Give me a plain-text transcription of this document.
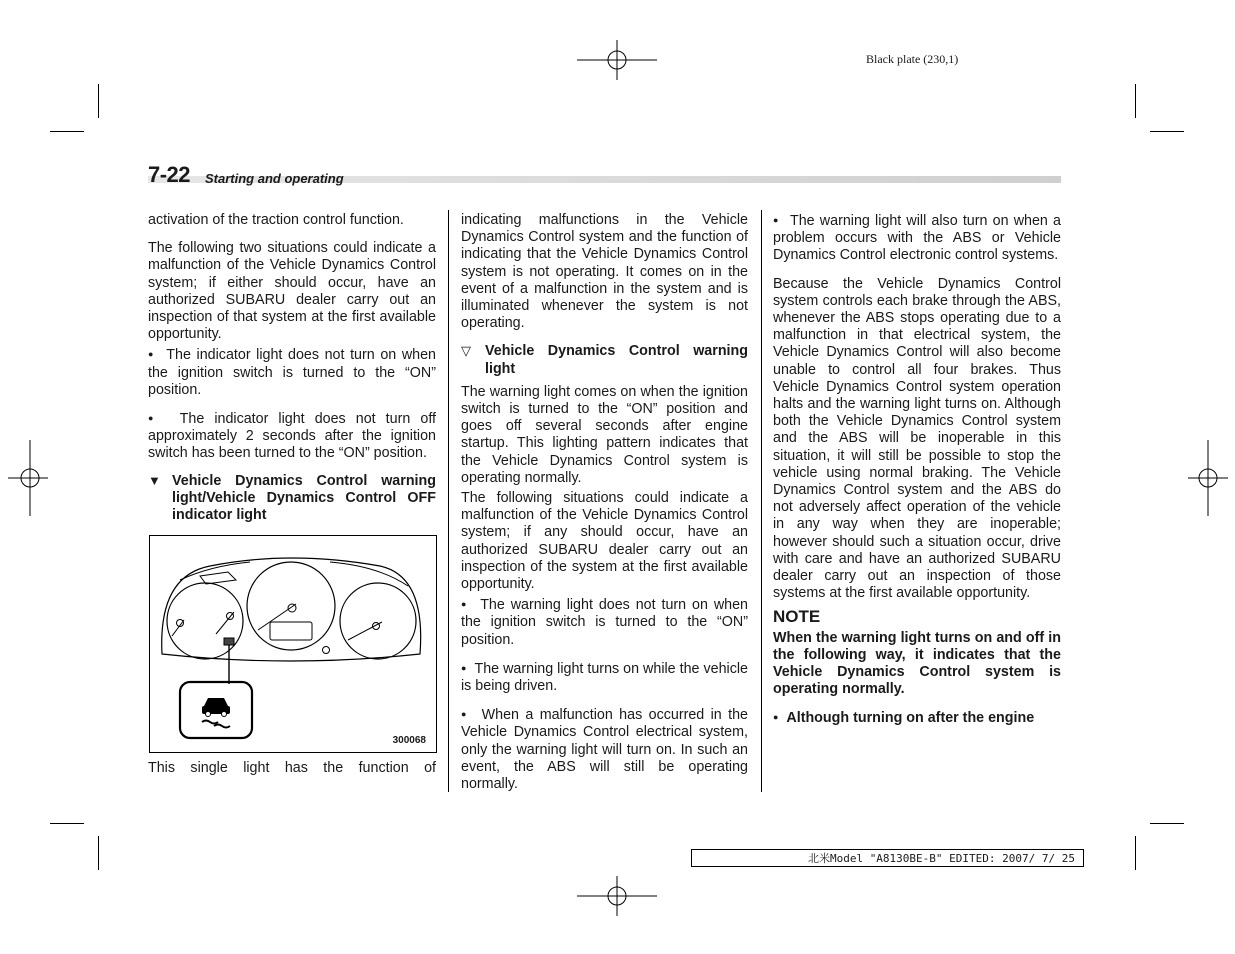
Black plate (230,1)
7-22 Starting and operating

activation of the traction control function.

The following two situations could indicate a malfunction of the Vehicle Dynamics Control system; if either should occur, have an authorized SUBARU dealer carry out an inspection of that system at the first available opportunity.

● The indicator light does not turn on when the ignition switch is turned to the “ON” position.

● The indicator light does not turn off approximately 2 seconds after the ignition switch has been turned to the “ON” position.

▼ Vehicle Dynamics Control warning light/Vehicle Dynamics Control OFF indicator light

300068

This single light has the function of

indicating malfunctions in the Vehicle Dynamics Control system and the function of indicating that the Vehicle Dynamics Control system is not operating. It comes on in the event of a malfunction in the system and is illuminated whenever the system is not operating.

▽ Vehicle Dynamics Control warning light

The warning light comes on when the ignition switch is turned to the “ON” position and goes off several seconds after engine startup. This lighting pattern indicates that the Vehicle Dynamics Control system is operating normally.

The following situations could indicate a malfunction of the Vehicle Dynamics Control system; if any should occur, have an authorized SUBARU dealer carry out an inspection of the system at the first available opportunity.

● The warning light does not turn on when the ignition switch is turned to the “ON” position.

● The warning light turns on while the vehicle is being driven.

● When a malfunction has occurred in the Vehicle Dynamics Control electrical system, only the warning light will turn on. In such an event, the ABS will still be operating normally.

● The warning light will also turn on when a problem occurs with the ABS or Vehicle Dynamics Control electronic control systems.

Because the Vehicle Dynamics Control system controls each brake through the ABS, whenever the ABS stops operating due to a malfunction in that electrical system, the Vehicle Dynamics Control will also become unable to control all four brakes. Thus Vehicle Dynamics Control system operation halts and the warning light turns on. Although both the Vehicle Dynamics Control system and the ABS will be inoperable in this situation, it will still be possible to stop the vehicle using normal braking. The Vehicle Dynamics Control system and the ABS do not adversely affect operation of the vehicle in any way when they are inoperable; however should such a situation occur, drive with care and have an authorized SUBARU dealer carry out an inspection of those systems at the first available opportunity.

NOTE

When the warning light turns on and off in the following way, it indicates that the Vehicle Dynamics Control system is operating normally.

● Although turning on after the engine

北米Model "A8130BE-B" EDITED: 2007/ 7/ 25
